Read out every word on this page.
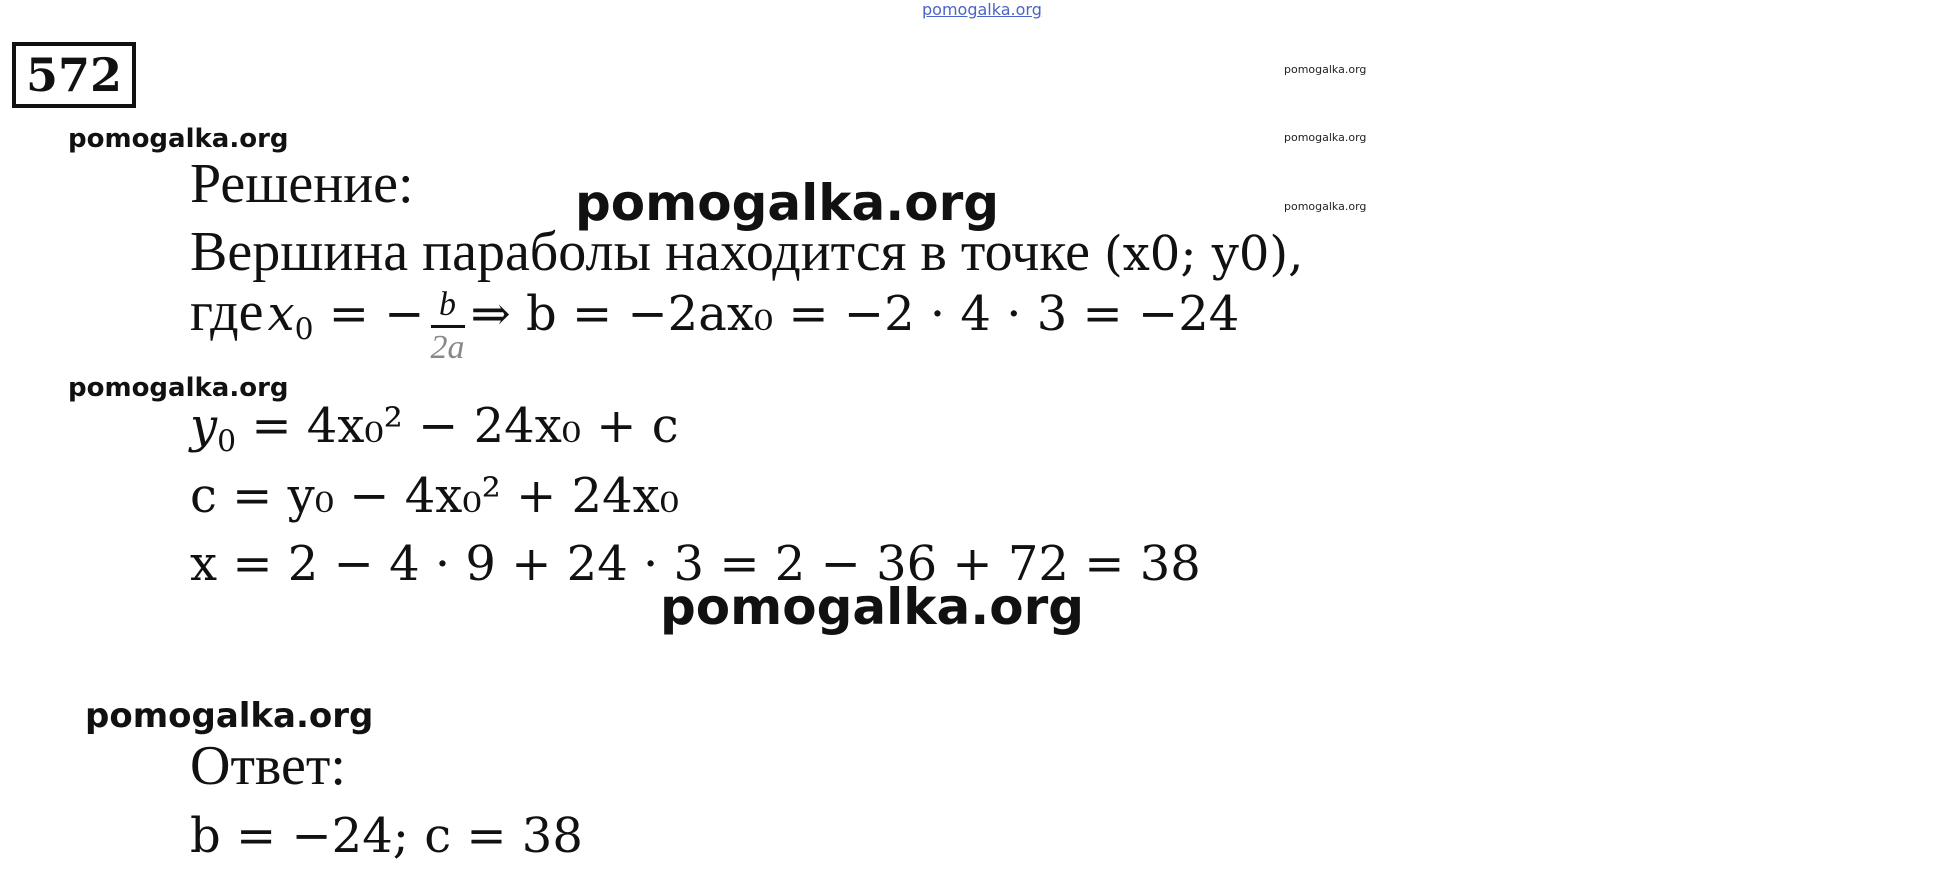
pomogalka.org
572	pomogalka.org
pomogalka.org
pomogalka.org
pomogalka.org
pomogalka.org
pomogalka.org
pomogalka.org
pomogalka.org
Решение:
Вершина параболы находится в точке (x0; y0),
где $x_0$ = − $\frac{b}{2a}$ ⇒ b = −2ax₀ = −2 · 4 · 3 = −24
$y_0 = 4x_0^2 - 24x_0 + c$
c = y₀ − 4x₀² + 24x₀
x = 2 − 4 · 9 + 24 · 3 = 2 − 36 + 72 = 38
Ответ:
b = −24; c = 38
